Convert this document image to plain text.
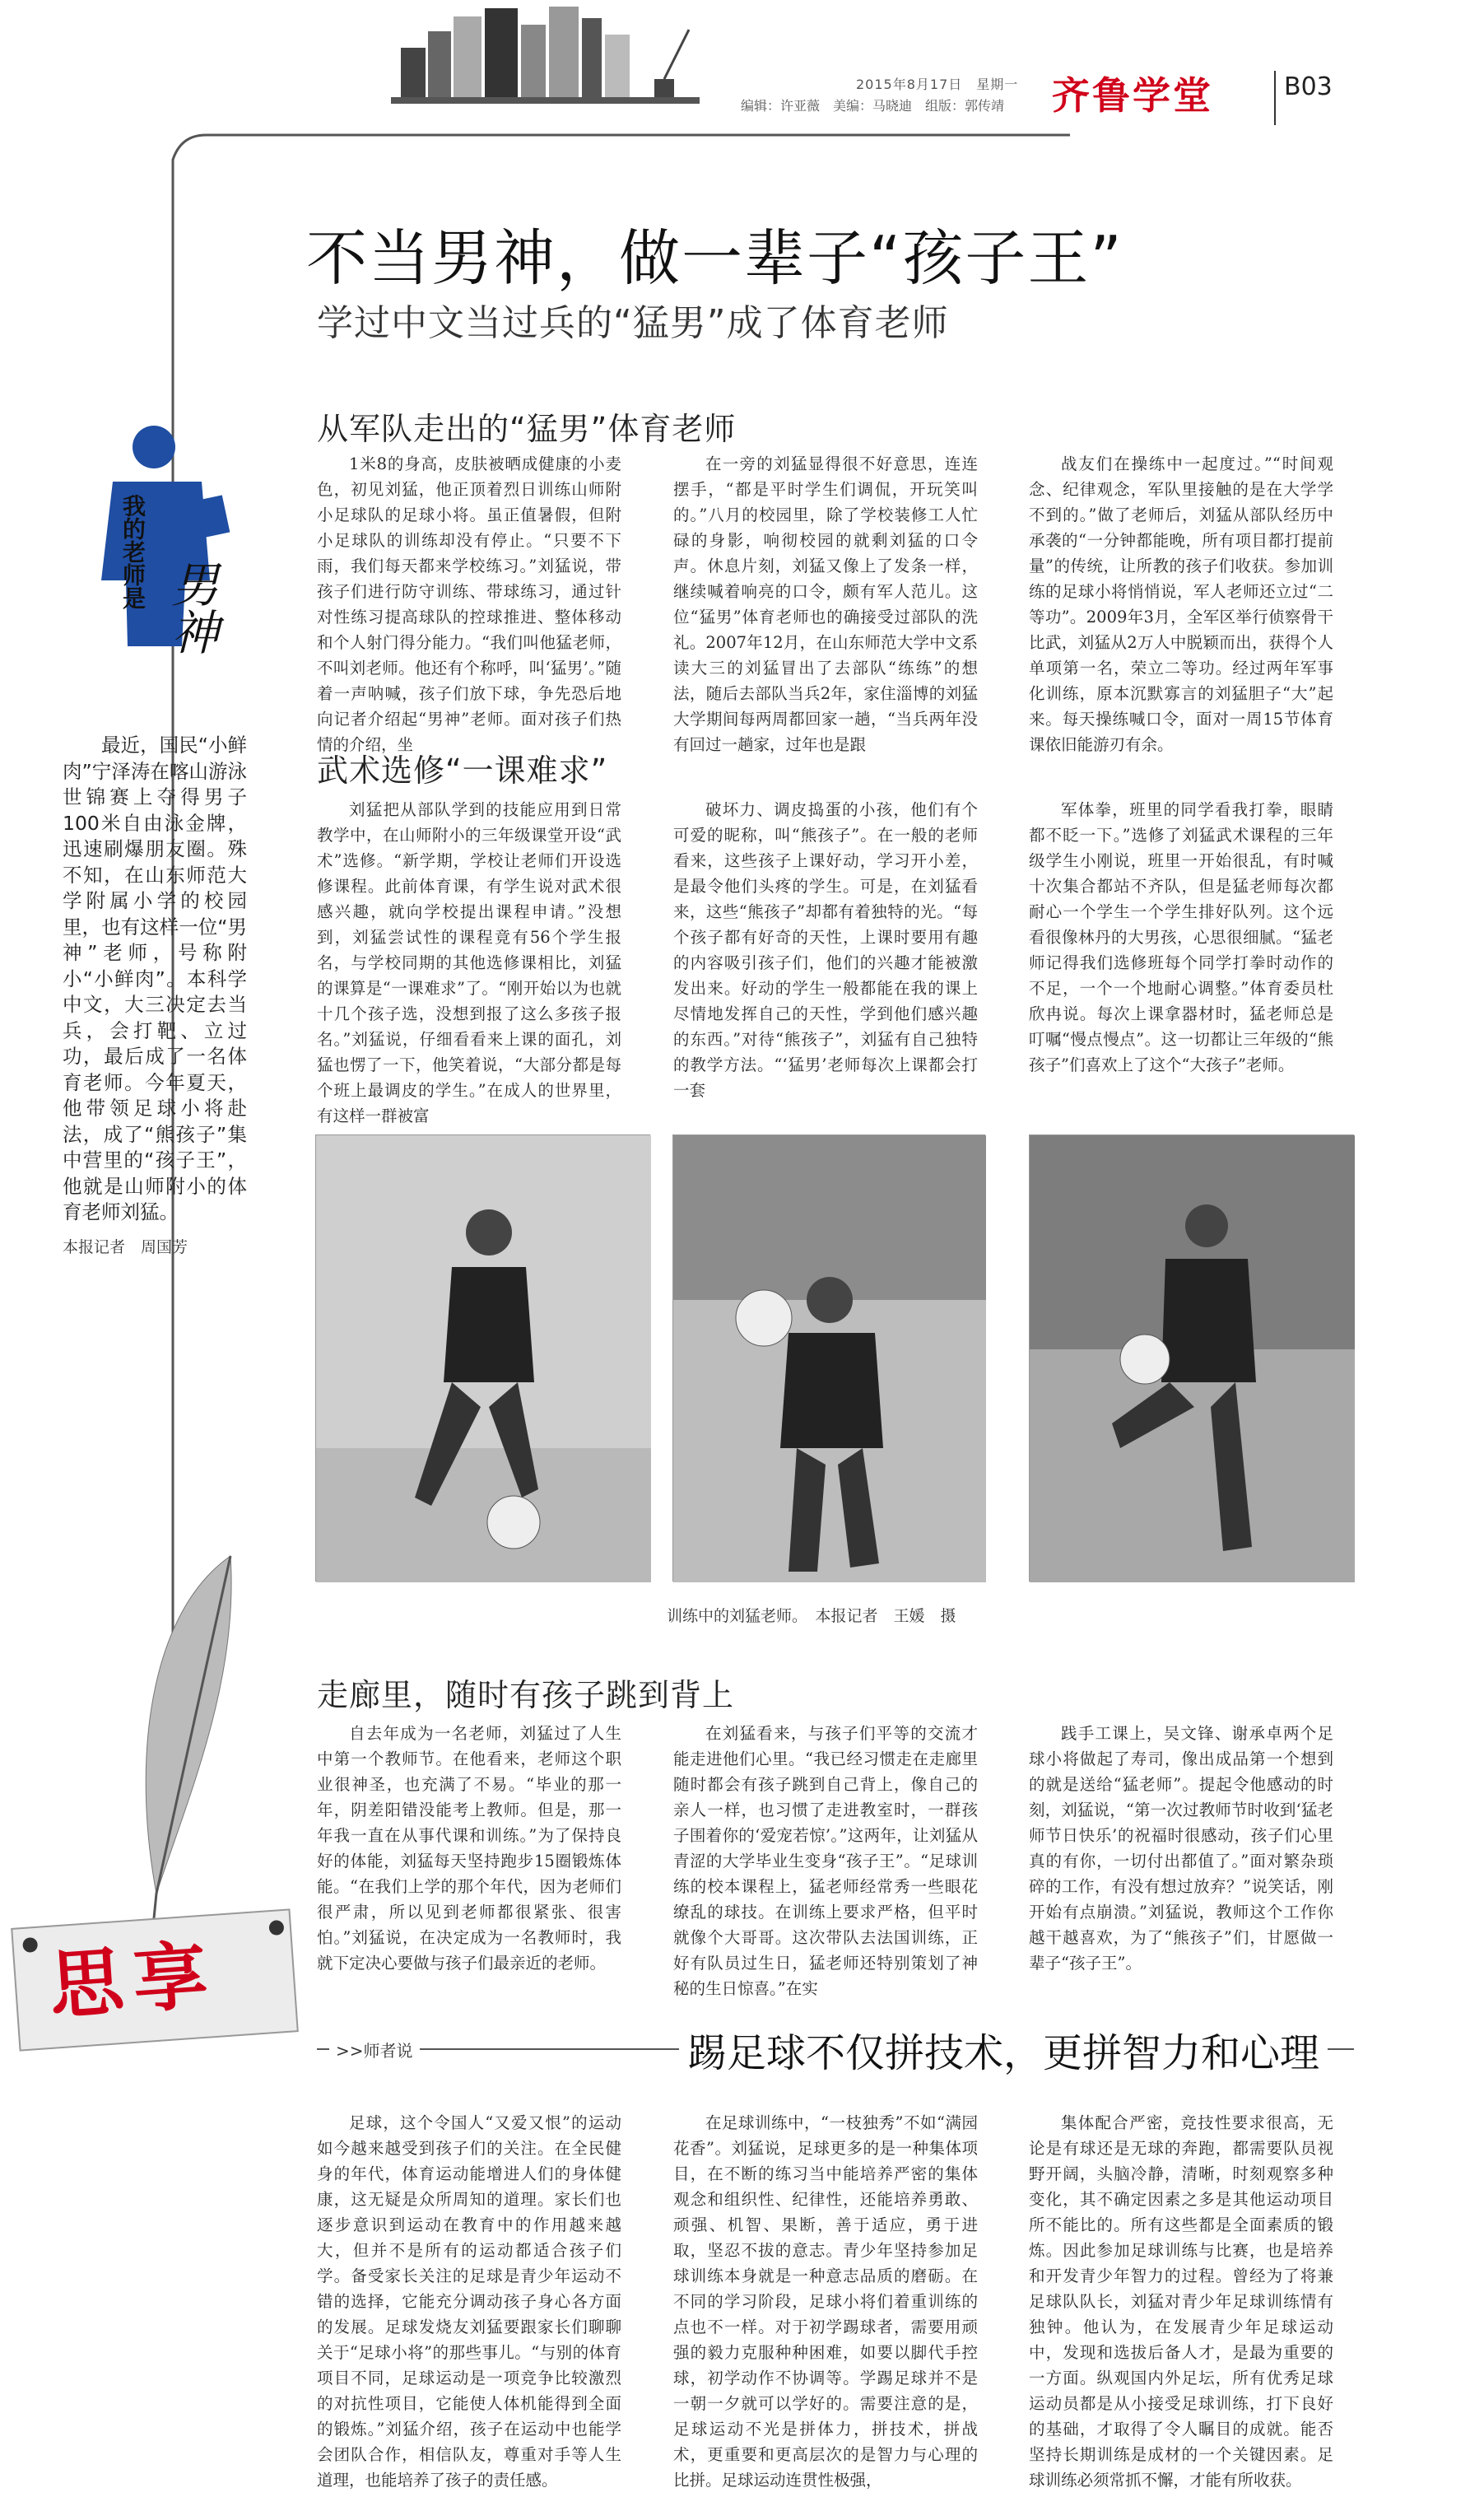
2015年8月17日　 星期一
编辑：许亚薇　美编：马晓迪　组版：郭传靖 齐鲁学堂	B03
不当男神，做一辈子“孩子王”
学过中文当过兵的“猛男”成了体育老师
我的老师是 男神

最近，国民“小鲜肉”宁泽涛在喀山游泳世锦赛上夺得男子100米自由泳金牌，迅速刷爆朋友圈。殊不知，在山东师范大学附属小学的校园里，也有这样一位“男神”老师，号称附小“小鲜肉”。本科学中文，大三决定去当兵，会打靶、立过功，最后成了一名体育老师。今年夏天，他带领足球小将赴法，成了“熊孩子”集中营里的“孩子王”，他就是山师附小的体育老师刘猛。

本报记者　周国芳
从军队走出的“猛男”体育老师

1米8的身高，皮肤被晒成健康的小麦色，初见刘猛，他正顶着烈日训练山师附小足球队的足球小将。虽正值暑假，但附小足球队的训练却没有停止。“只要不下雨，我们每天都来学校练习。”刘猛说，带孩子们进行防守训练、带球练习，通过针对性练习提高球队的控球推进、整体移动和个人射门得分能力。“我们叫他猛老师，不叫刘老师。他还有个称呼，叫‘猛男’。”随着一声呐喊，孩子们放下球，争先恐后地向记者介绍起“男神”老师。面对孩子们热情的介绍，坐

在一旁的刘猛显得很不好意思，连连摆手，“都是平时学生们调侃，开玩笑叫的。”八月的校园里，除了学校装修工人忙碌的身影，响彻校园的就剩刘猛的口令声。休息片刻，刘猛又像上了发条一样，继续喊着响亮的口令，颇有军人范儿。这位“猛男”体育老师也的确接受过部队的洗礼。2007年12月，在山东师范大学中文系读大三的刘猛冒出了去部队“练练”的想法，随后去部队当兵2年，家住淄博的刘猛大学期间每两周都回家一趟，“当兵两年没有回过一趟家，过年也是跟

战友们在操练中一起度过。”“时间观念、纪律观念，军队里接触的是在大学学不到的。”做了老师后，刘猛从部队经历中承袭的“一分钟都能晚，所有项目都打提前量”的传统，让所教的孩子们收获。参加训练的足球小将悄悄说，军人老师还立过“二等功”。2009年3月，全军区举行侦察骨干比武，刘猛从2万人中脱颖而出，获得个人单项第一名，荣立二等功。经过两年军事化训练，原本沉默寡言的刘猛胆子“大”起来。每天操练喊口令，面对一周15节体育课依旧能游刃有余。

武术选修“一课难求”

刘猛把从部队学到的技能应用到日常教学中，在山师附小的三年级课堂开设“武术”选修。“新学期，学校让老师们开设选修课程。此前体育课，有学生说对武术很感兴趣，就向学校提出课程申请。”没想到，刘猛尝试性的课程竟有56个学生报名，与学校同期的其他选修课相比，刘猛的课算是“一课难求”了。“刚开始以为也就十几个孩子选，没想到报了这么多孩子报名。”刘猛说，仔细看看来上课的面孔，刘猛也愣了一下，他笑着说，“大部分都是每个班上最调皮的学生。”在成人的世界里，有这样一群被富

破坏力、调皮捣蛋的小孩，他们有个可爱的昵称，叫“熊孩子”。在一般的老师看来，这些孩子上课好动，学习开小差，是最令他们头疼的学生。可是，在刘猛看来，这些“熊孩子”却都有着独特的光。“每个孩子都有好奇的天性，上课时要用有趣的内容吸引孩子们，他们的兴趣才能被激发出来。好动的学生一般都能在我的课上尽情地发挥自己的天性，学到他们感兴趣的东西。”对待“熊孩子”，刘猛有自己独特的教学方法。“‘猛男’老师每次上课都会打一套

军体拳，班里的同学看我打拳，眼睛都不眨一下。”选修了刘猛武术课程的三年级学生小刚说，班里一开始很乱，有时喊十次集合都站不齐队，但是猛老师每次都耐心一个学生一个学生排好队列。这个远看很像林丹的大男孩，心思很细腻。“猛老师记得我们选修班每个同学打拳时动作的不足，一个一个地耐心调整。”体育委员杜欣冉说。每次上课拿器材时，猛老师总是叮嘱“慢点慢点”。这一切都让三年级的“熊孩子”们喜欢上了这个“大孩子”老师。

训练中的刘猛老师。　本报记者　王媛　摄
走廊里，随时有孩子跳到背上

自去年成为一名老师，刘猛过了人生中第一个教师节。在他看来，老师这个职业很神圣，也充满了不易。“毕业的那一年，阴差阳错没能考上教师。但是，那一年我一直在从事代课和训练。”为了保持良好的体能，刘猛每天坚持跑步15圈锻炼体能。“在我们上学的那个年代，因为老师们很严肃，所以见到老师都很紧张、很害怕。”刘猛说，在决定成为一名教师时，我就下定决心要做与孩子们最亲近的老师。

在刘猛看来，与孩子们平等的交流才能走进他们心里。“我已经习惯走在走廊里随时都会有孩子跳到自己背上，像自己的亲人一样，也习惯了走进教室时，一群孩子围着你的‘爱宠若惊’。”这两年，让刘猛从青涩的大学毕业生变身“孩子王”。“足球训练的校本课程上，猛老师经常秀一些眼花缭乱的球技。在训练上要求严格，但平时就像个大哥哥。这次带队去法国训练，正好有队员过生日，猛老师还特别策划了神秘的生日惊喜。”在实

践手工课上，吴文锋、谢承卓两个足球小将做起了寿司，像出成品第一个想到的就是送给“猛老师”。提起令他感动的时刻，刘猛说，“第一次过教师节时收到‘猛老师节日快乐’的祝福时很感动，孩子们心里真的有你，一切付出都值了。”面对繁杂琐碎的工作，有没有想过放弃？”说笑话，刚开始有点崩溃。”刘猛说，教师这个工作你越干越喜欢，为了“熊孩子”们，甘愿做一辈子“孩子王”。

思享
>>师者说	踢足球不仅拼技术，更拼智力和心理

足球，这个令国人“又爱又恨”的运动如今越来越受到孩子们的关注。在全民健身的年代，体育运动能增进人们的身体健康，这无疑是众所周知的道理。家长们也逐步意识到运动在教育中的作用越来越大，但并不是所有的运动都适合孩子们学。备受家长关注的足球是青少年运动不错的选择，它能充分调动孩子身心各方面的发展。足球发烧友刘猛要跟家长们聊聊关于“足球小将”的那些事儿。“与别的体育项目不同，足球运动是一项竞争比较激烈的对抗性项目，它能使人体机能得到全面的锻炼。”刘猛介绍，孩子在运动中也能学会团队合作，相信队友，尊重对手等人生道理，也能培养了孩子的责任感。

在足球训练中，“一枝独秀”不如“满园花香”。刘猛说，足球更多的是一种集体项目，在不断的练习当中能培养严密的集体观念和组织性、纪律性，还能培养勇敢、顽强、机智、果断，善于适应，勇于进取，坚忍不拔的意志。青少年坚持参加足球训练本身就是一种意志品质的磨砺。在不同的学习阶段，足球小将们着重训练的点也不一样。对于初学踢球者，需要用顽强的毅力克服种种困难，如要以脚代手控球，初学动作不协调等。学踢足球并不是一朝一夕就可以学好的。需要注意的是，足球运动不光是拼体力，拼技术，拼战术，更重要和更高层次的是智力与心理的比拼。足球运动连贯性极强，

集体配合严密，竞技性要求很高，无论是有球还是无球的奔跑，都需要队员视野开阔，头脑冷静，清晰，时刻观察多种变化，其不确定因素之多是其他运动项目所不能比的。所有这些都是全面素质的锻炼。因此参加足球训练与比赛，也是培养和开发青少年智力的过程。曾经为了将兼足球队队长，刘猛对青少年足球训练情有独钟。他认为，在发展青少年足球运动中，发现和选拔后备人才，是最为重要的一方面。纵观国内外足坛，所有优秀足球运动员都是从小接受足球训练，打下良好的基础，才取得了令人瞩目的成就。能否坚持长期训练是成材的一个关键因素。足球训练必须常抓不懈，才能有所收获。
